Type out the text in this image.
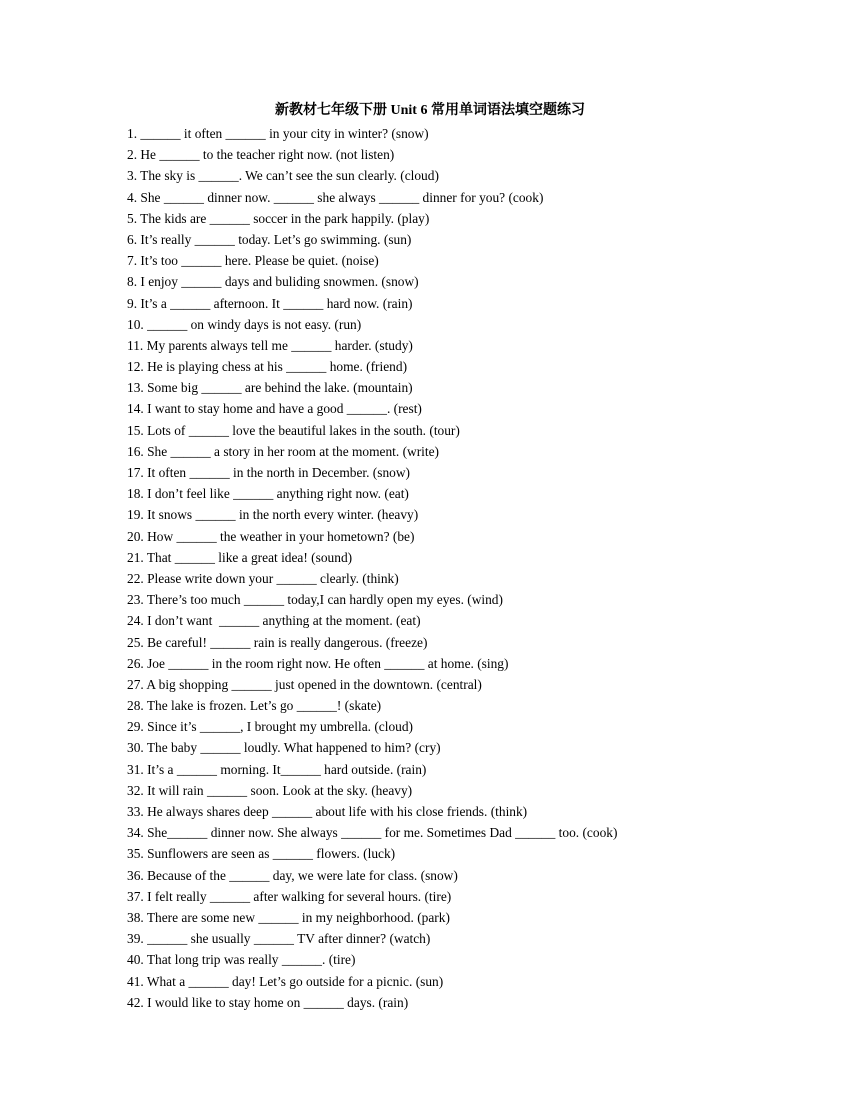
新教材七年级下册 Unit 6 常用单词语法填空题练习
1. ______ it often ______ in your city in winter? (snow)
2. He ______ to the teacher right now. (not listen)
3. The sky is ______. We can’t see the sun clearly. (cloud)
4. She ______ dinner now. ______ she always ______ dinner for you? (cook)
5. The kids are ______ soccer in the park happily. (play)
6. It’s really ______ today. Let’s go swimming. (sun)
7. It’s too ______ here. Please be quiet. (noise)
8. I enjoy ______ days and buliding snowmen. (snow)
9. It’s a ______ afternoon. It ______ hard now. (rain)
10. ______ on windy days is not easy. (run)
11. My parents always tell me ______ harder. (study)
12. He is playing chess at his ______ home. (friend)
13. Some big ______ are behind the lake. (mountain)
14. I want to stay home and have a good ______. (rest)
15. Lots of ______ love the beautiful lakes in the south. (tour)
16. She ______ a story in her room at the moment. (write)
17. It often ______ in the north in December. (snow)
18. I don’t feel like ______ anything right now. (eat)
19. It snows ______ in the north every winter. (heavy)
20. How ______ the weather in your hometown? (be)
21. That ______ like a great idea! (sound)
22. Please write down your ______ clearly. (think)
23. There’s too much ______ today,I can hardly open my eyes. (wind)
24. I don’t want  ______ anything at the moment. (eat)
25. Be careful! ______ rain is really dangerous. (freeze)
26. Joe ______ in the room right now. He often ______ at home. (sing)
27. A big shopping ______ just opened in the downtown. (central)
28. The lake is frozen. Let’s go ______! (skate)
29. Since it’s ______, I brought my umbrella. (cloud)
30. The baby ______ loudly. What happened to him? (cry)
31. It’s a ______ morning. It______ hard outside. (rain)
32. It will rain ______ soon. Look at the sky. (heavy)
33. He always shares deep ______ about life with his close friends. (think)
34. She______ dinner now. She always ______ for me. Sometimes Dad ______ too. (cook)
35. Sunflowers are seen as ______ flowers. (luck)
36. Because of the ______ day, we were late for class. (snow)
37. I felt really ______ after walking for several hours. (tire)
38. There are some new ______ in my neighborhood. (park)
39. ______ she usually ______ TV after dinner? (watch)
40. That long trip was really ______. (tire)
41. What a ______ day! Let’s go outside for a picnic. (sun)
42. I would like to stay home on ______ days. (rain)
